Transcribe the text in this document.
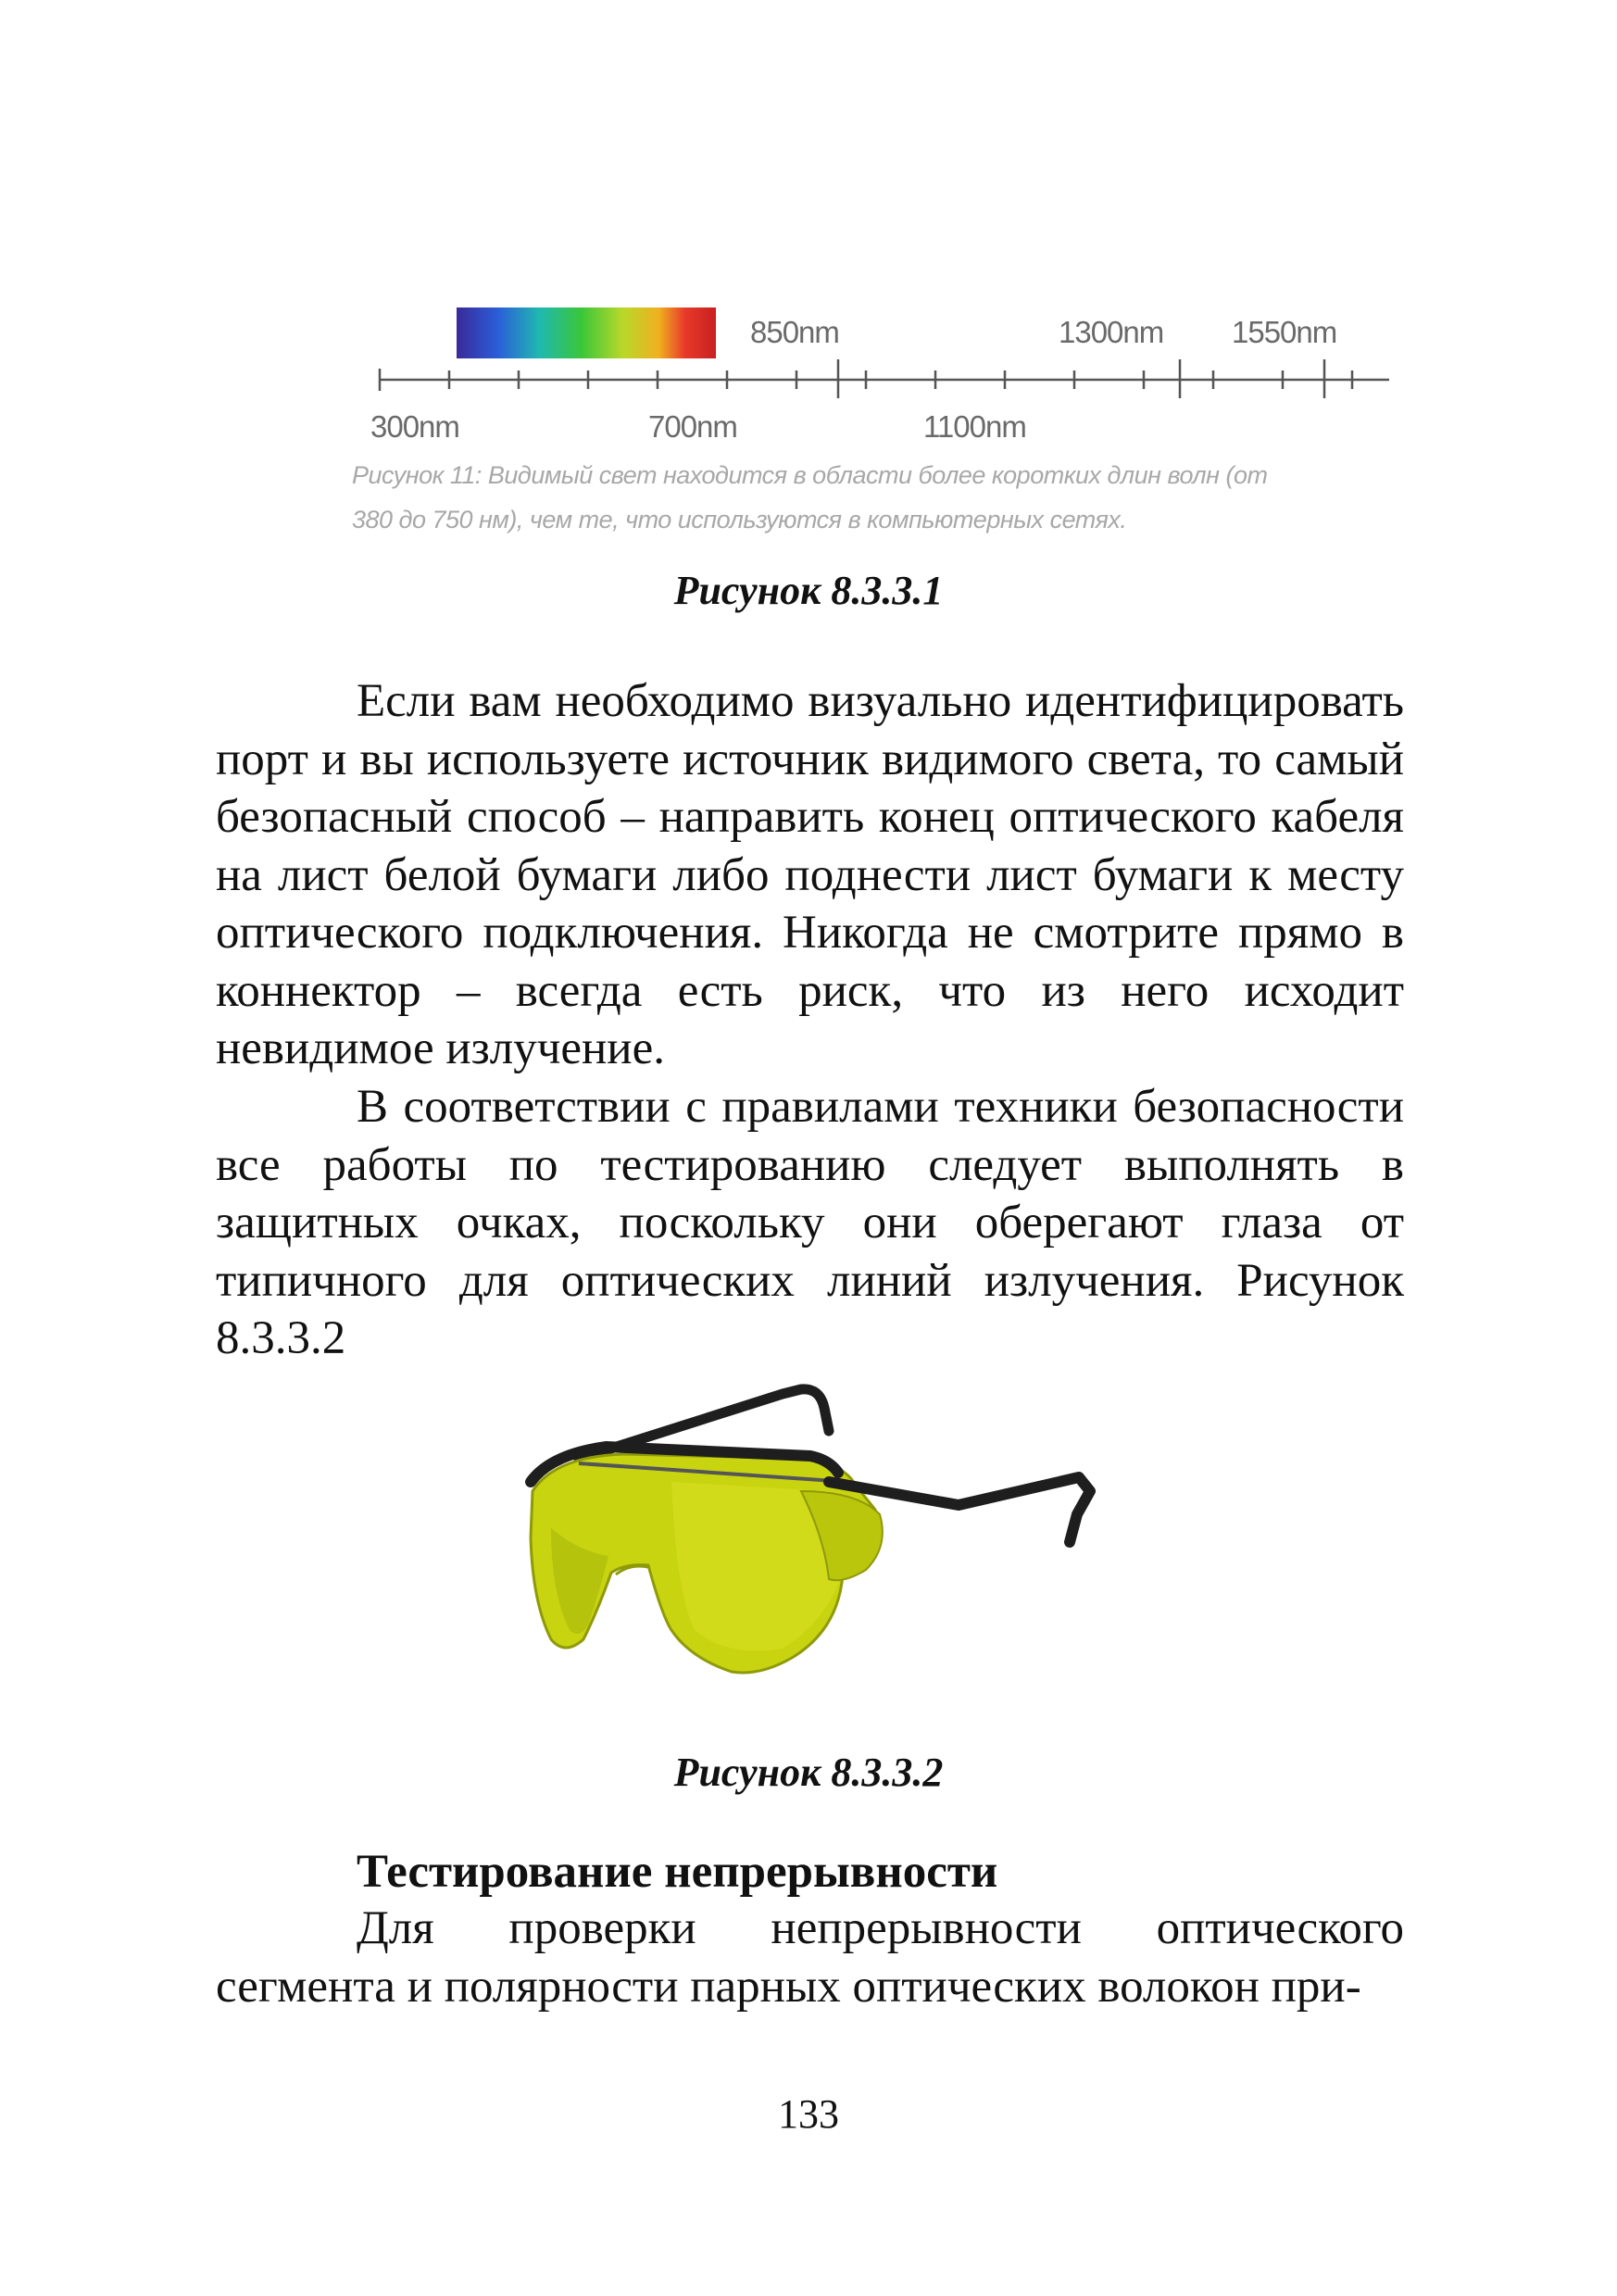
850nm	1300nm 1550nm
300nm	700nm	1100nm
Рисунок 11: Видимый свет находится в области более коротких длин волн (от
380 до 750 нм), чем те, что используются в компьютерных сетях.
Рисунок 8.3.3.1

Если вам необходимо визуально идентифицировать порт и вы используете источник видимого света, то самый безопасный способ – направить конец оптического кабеля на лист белой бумаги либо поднести лист бумаги к месту оптического подключения. Никогда не смотрите прямо в коннектор – всегда есть риск, что из него исходит невидимое излучение.

В соответствии с правилами техники безопасности все работы по тестированию следует выполнять в защитных очках, поскольку они оберегают глаза от типичного для оптических линий излучения. Рисунок 8.3.3.2

Рисунок 8.3.3.2
Тестирование непрерывности

Для проверки непрерывности оптического сегмента и полярности парных оптических волокон при-

133
